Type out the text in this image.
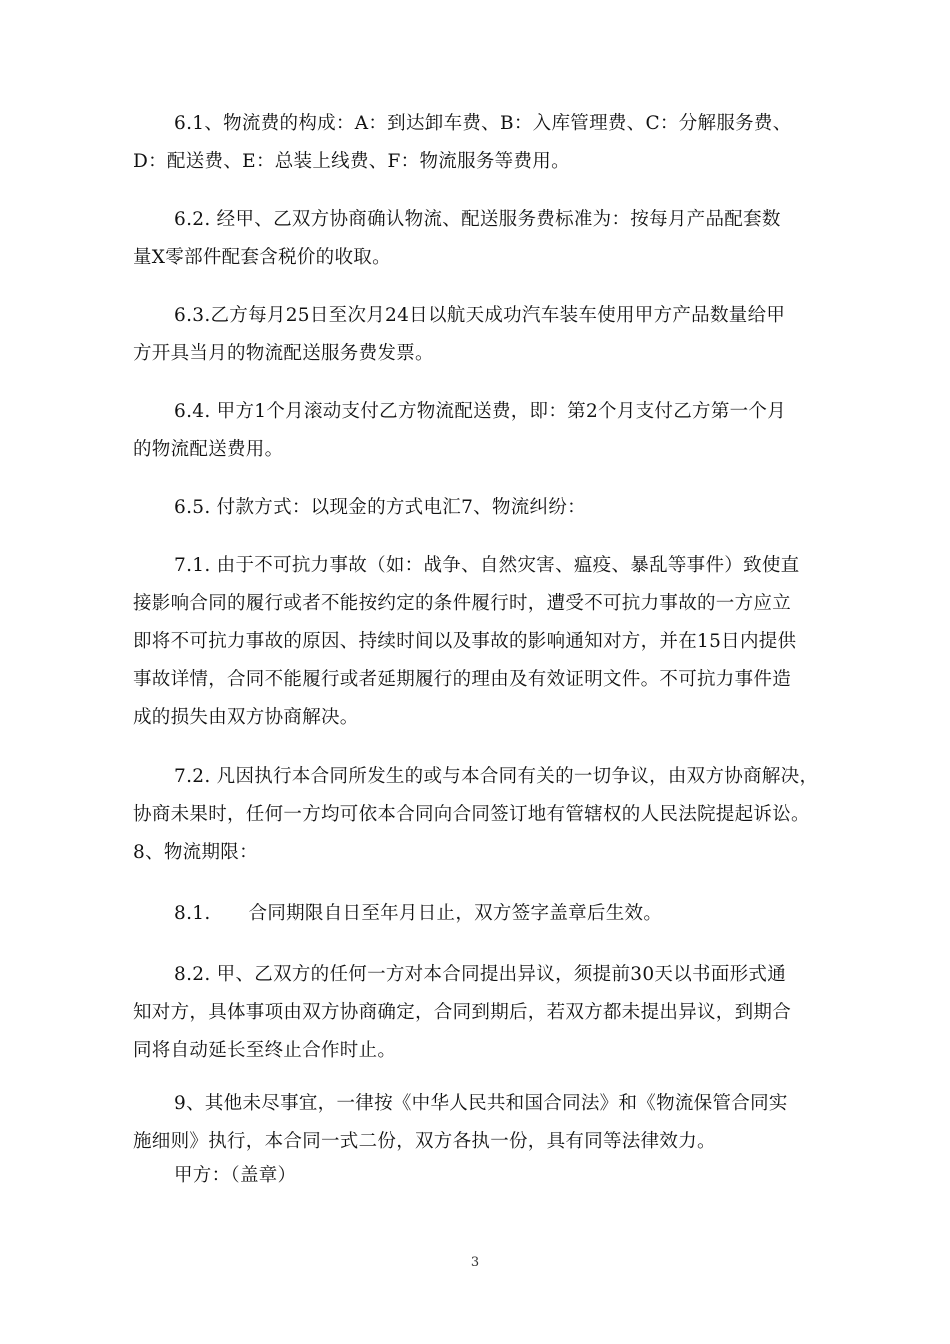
6.1、物流费的构成：A：到达卸车费、B：入库管理费、C：分解服务费、
D：配送费、E：总装上线费、F：物流服务等费用。

6.2. 经甲、乙双方协商确认物流、配送服务费标准为：按每月产品配套数
量X零部件配套含税价的收取。

6.3.乙方每月25日至次月24日以航天成功汽车装车使用甲方产品数量给甲
方开具当月的物流配送服务费发票。

6.4. 甲方1个月滚动支付乙方物流配送费，即：第2个月支付乙方第一个月
的物流配送费用。

6.5. 付款方式：以现金的方式电汇7、物流纠纷：

7.1. 由于不可抗力事故（如：战争、自然灾害、瘟疫、暴乱等事件）致使直
接影响合同的履行或者不能按约定的条件履行时，遭受不可抗力事故的一方应立
即将不可抗力事故的原因、持续时间以及事故的影响通知对方，并在15日内提供
事故详情，合同不能履行或者延期履行的理由及有效证明文件。不可抗力事件造
成的损失由双方协商解决。

7.2. 凡因执行本合同所发生的或与本合同有关的一切争议，由双方协商解决，
协商未果时，任何一方均可依本合同向合同签订地有管辖权的人民法院提起诉讼。
8、物流期限：

8.1. 合同期限自日至年月日止，双方签字盖章后生效。

8.2. 甲、乙双方的任何一方对本合同提出异议，须提前30天以书面形式通
知对方，具体事项由双方协商确定，合同到期后，若双方都未提出异议，到期合
同将自动延长至终止合作时止。

9、其他未尽事宜，一律按《中华人民共和国合同法》和《物流保管合同实
施细则》执行，本合同一式二份，双方各执一份，具有同等法律效力。

甲方：（盖章）

3
